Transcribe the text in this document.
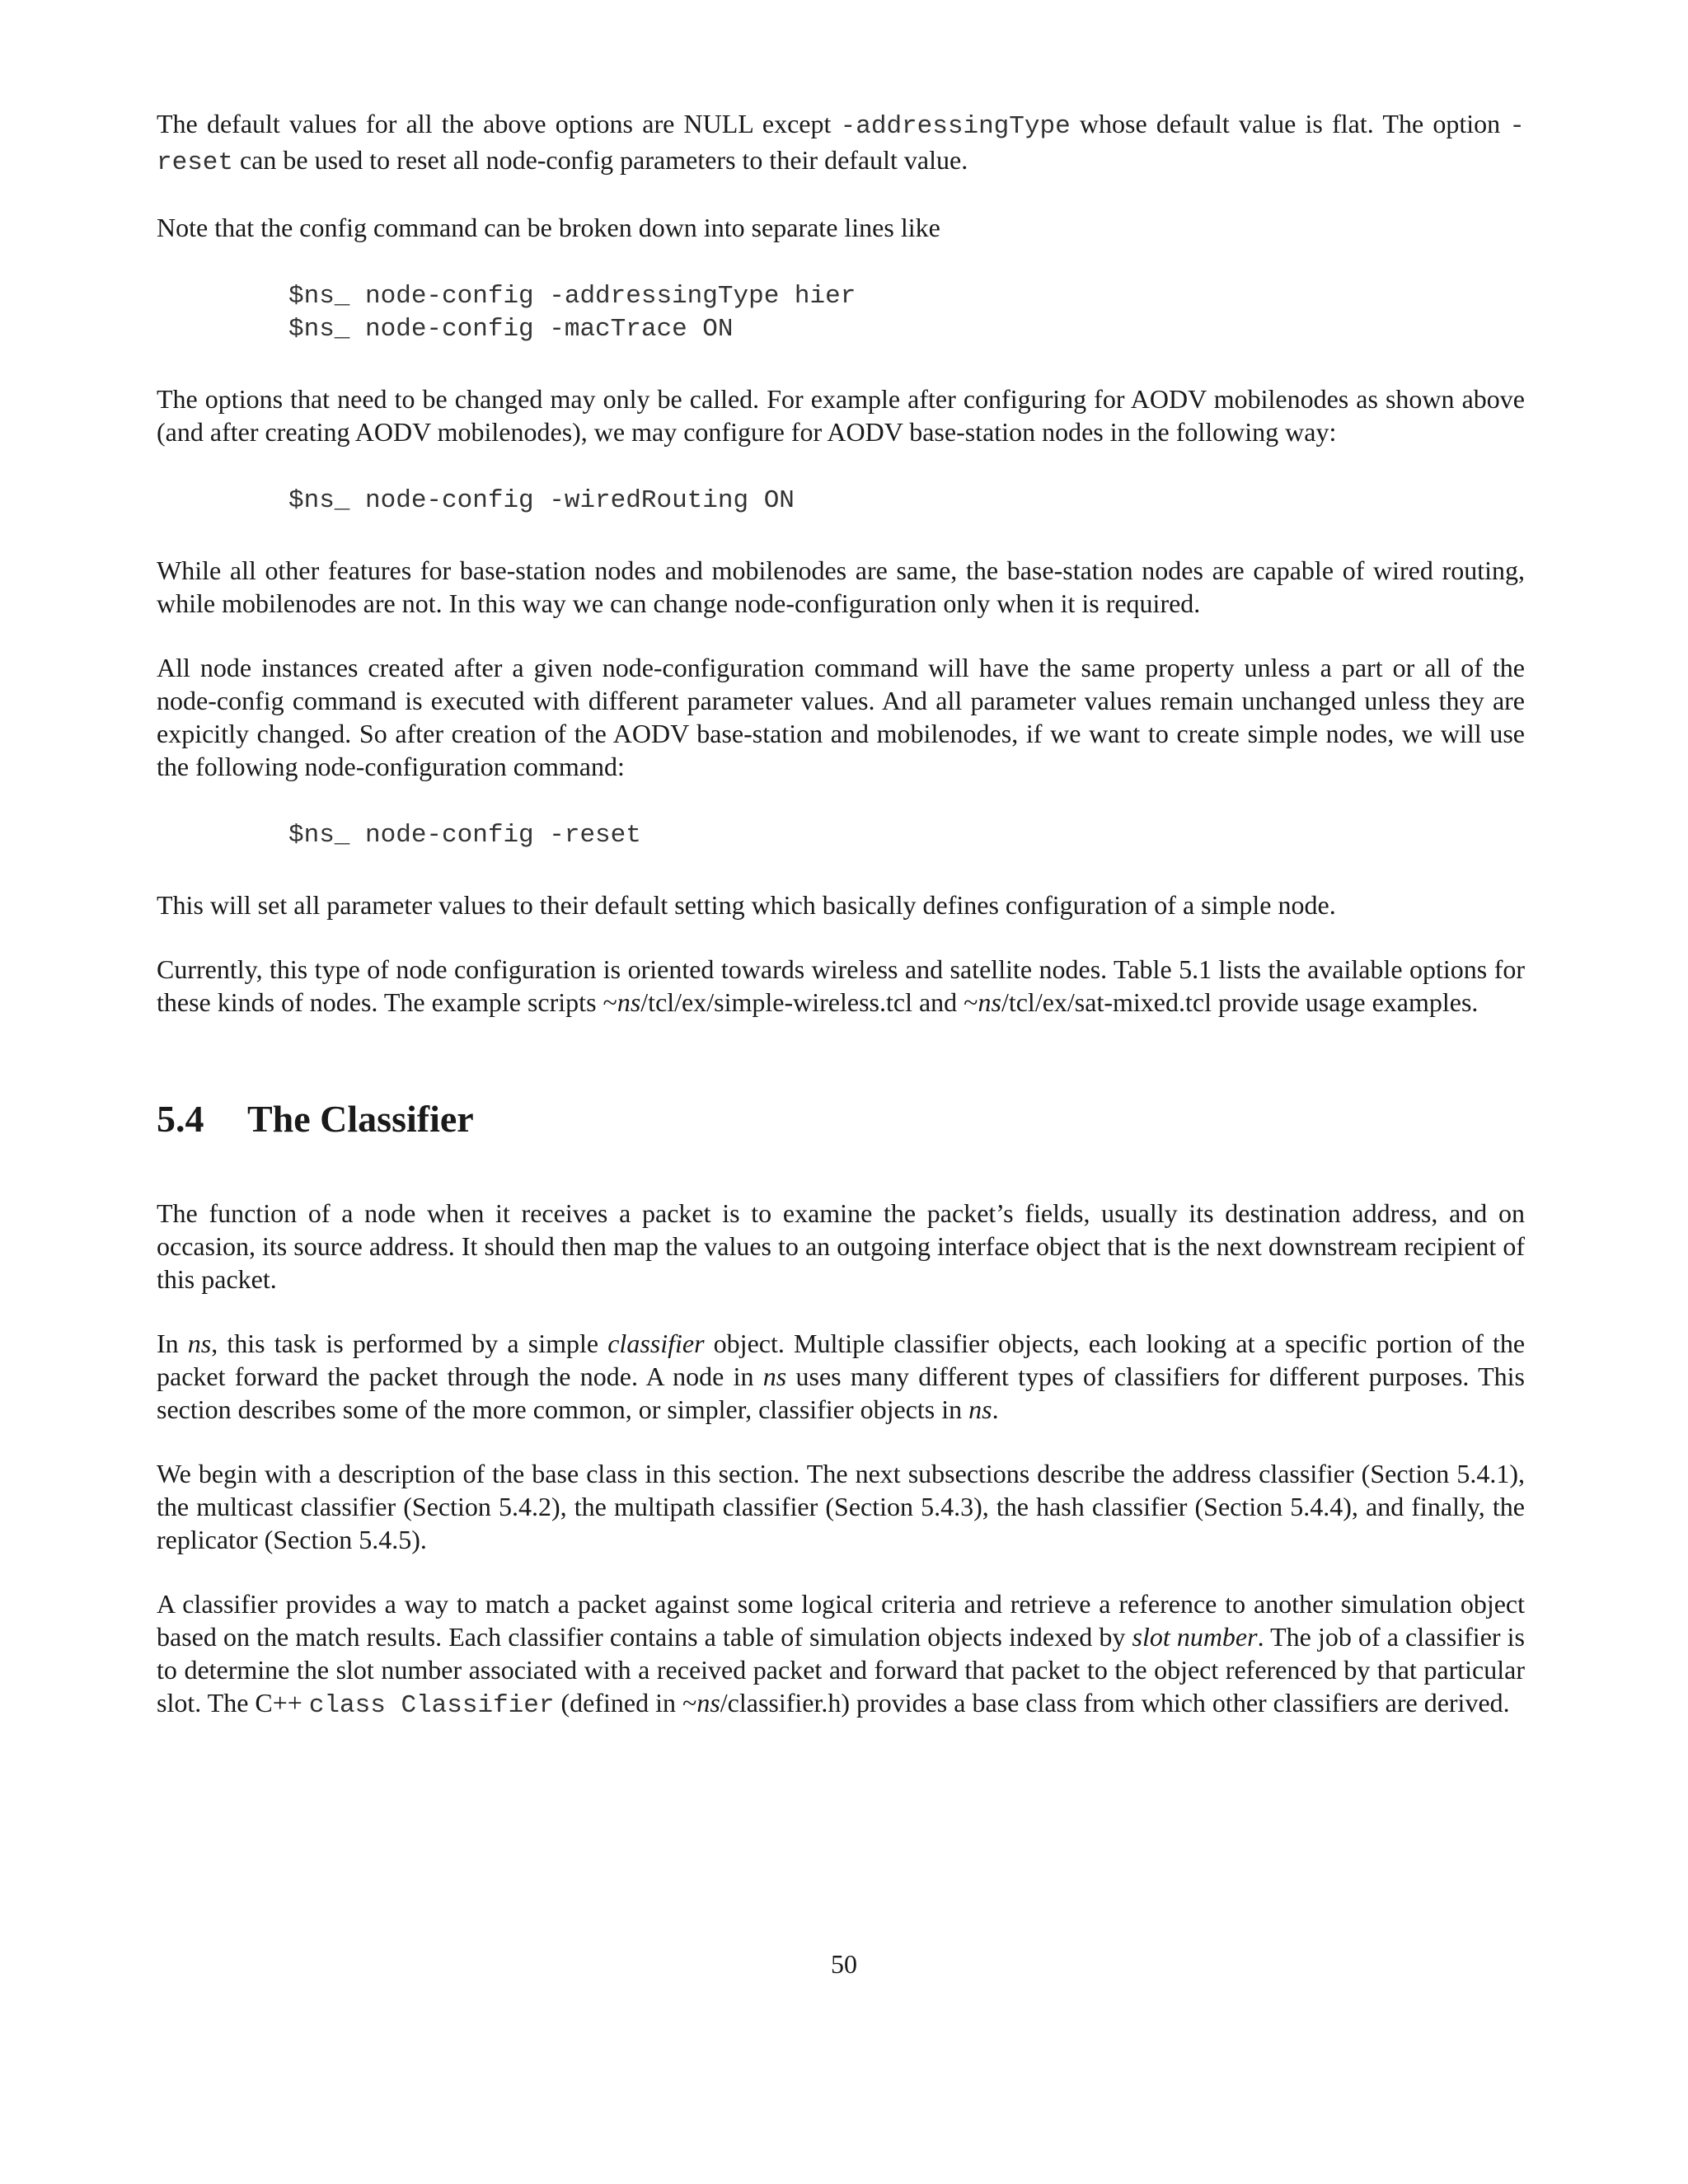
The default values for all the above options are NULL except -addressingType whose default value is flat. The option -reset can be used to reset all node-config parameters to their default value.

Note that the config command can be broken down into separate lines like

$ns_ node-config -addressingType hier
$ns_ node-config -macTrace ON

The options that need to be changed may only be called. For example after configuring for AODV mobilenodes as shown above (and after creating AODV mobilenodes), we may configure for AODV base-station nodes in the following way:

$ns_ node-config -wiredRouting ON

While all other features for base-station nodes and mobilenodes are same, the base-station nodes are capable of wired routing, while mobilenodes are not. In this way we can change node-configuration only when it is required.

All node instances created after a given node-configuration command will have the same property unless a part or all of the node-config command is executed with different parameter values. And all parameter values remain unchanged unless they are expicitly changed. So after creation of the AODV base-station and mobilenodes, if we want to create simple nodes, we will use the following node-configuration command:

$ns_ node-config -reset

This will set all parameter values to their default setting which basically defines configuration of a simple node.

Currently, this type of node configuration is oriented towards wireless and satellite nodes. Table 5.1 lists the available options for these kinds of nodes. The example scripts ~ns/tcl/ex/simple-wireless.tcl and ~ns/tcl/ex/sat-mixed.tcl provide usage examples.

5.4 The Classifier

The function of a node when it receives a packet is to examine the packet’s fields, usually its destination address, and on occasion, its source address. It should then map the values to an outgoing interface object that is the next downstream recipient of this packet.

In ns, this task is performed by a simple classifier object. Multiple classifier objects, each looking at a specific portion of the packet forward the packet through the node. A node in ns uses many different types of classifiers for different purposes. This section describes some of the more common, or simpler, classifier objects in ns.

We begin with a description of the base class in this section. The next subsections describe the address classifier (Section 5.4.1), the multicast classifier (Section 5.4.2), the multipath classifier (Section 5.4.3), the hash classifier (Section 5.4.4), and finally, the replicator (Section 5.4.5).

A classifier provides a way to match a packet against some logical criteria and retrieve a reference to another simulation object based on the match results. Each classifier contains a table of simulation objects indexed by slot number. The job of a classifier is to determine the slot number associated with a received packet and forward that packet to the object referenced by that particular slot. The C++ class Classifier (defined in ~ns/classifier.h) provides a base class from which other classifiers are derived.

50
